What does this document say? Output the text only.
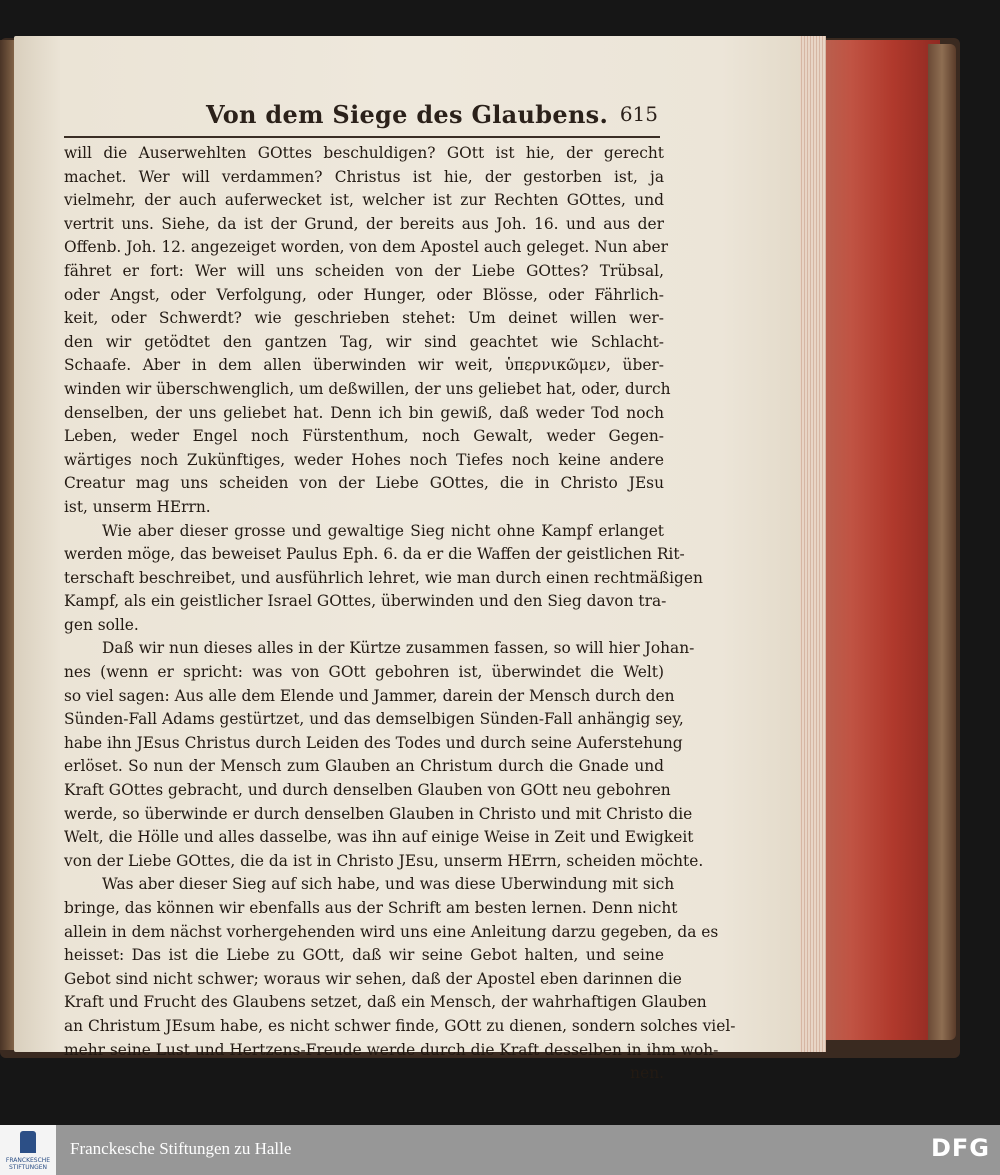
Von dem Siege des Glaubens. 615
will die Auserwehlten GOttes beschuldigen? GOtt ist hie, der gerecht
machet. Wer will verdammen? Christus ist hie, der gestorben ist, ja
vielmehr, der auch auferwecket ist, welcher ist zur Rechten GOttes, und
vertrit uns. Siehe, da ist der Grund, der bereits aus Joh. 16. und aus der
Offenb. Joh. 12. angezeiget worden, von dem Apostel auch geleget. Nun aber
fähret er fort: Wer will uns scheiden von der Liebe GOttes? Trübsal,
oder Angst, oder Verfolgung, oder Hunger, oder Blösse, oder Fährlich-
keit, oder Schwerdt? wie geschrieben stehet: Um deinet willen wer-
den wir getödtet den gantzen Tag, wir sind geachtet wie Schlacht-
Schaafe. Aber in dem allen überwinden wir weit, ὑπερνικῶμεν, über-
winden wir überschwenglich, um deßwillen, der uns geliebet hat, oder, durch
denselben, der uns geliebet hat. Denn ich bin gewiß, daß weder Tod noch
Leben, weder Engel noch Fürstenthum, noch Gewalt, weder Gegen-
wärtiges noch Zukünftiges, weder Hohes noch Tiefes noch keine andere
Creatur mag uns scheiden von der Liebe GOttes, die in Christo JEsu
ist, unserm HErrn.
Wie aber dieser grosse und gewaltige Sieg nicht ohne Kampf erlanget
werden möge, das beweiset Paulus Eph. 6. da er die Waffen der geistlichen Rit-
terschaft beschreibet, und ausführlich lehret, wie man durch einen rechtmäßigen
Kampf, als ein geistlicher Israel GOttes, überwinden und den Sieg davon tra-
gen solle.
Daß wir nun dieses alles in der Kürtze zusammen fassen, so will hier Johan-
nes (wenn er spricht: was von GOtt gebohren ist, überwindet die Welt)
so viel sagen: Aus alle dem Elende und Jammer, darein der Mensch durch den
Sünden-Fall Adams gestürtzet, und das demselbigen Sünden-Fall anhängig sey,
habe ihn JEsus Christus durch Leiden des Todes und durch seine Auferstehung
erlöset. So nun der Mensch zum Glauben an Christum durch die Gnade und
Kraft GOttes gebracht, und durch denselben Glauben von GOtt neu gebohren
werde, so überwinde er durch denselben Glauben in Christo und mit Christo die
Welt, die Hölle und alles dasselbe, was ihn auf einige Weise in Zeit und Ewigkeit
von der Liebe GOttes, die da ist in Christo JEsu, unserm HErrn, scheiden möchte.
Was aber dieser Sieg auf sich habe, und was diese Uberwindung mit sich
bringe, das können wir ebenfalls aus der Schrift am besten lernen. Denn nicht
allein in dem nächst vorhergehenden wird uns eine Anleitung darzu gegeben, da es
heisset: Das ist die Liebe zu GOtt, daß wir seine Gebot halten, und seine
Gebot sind nicht schwer; woraus wir sehen, daß der Apostel eben darinnen die
Kraft und Frucht des Glaubens setzet, daß ein Mensch, der wahrhaftigen Glauben
an Christum JEsum habe, es nicht schwer finde, GOtt zu dienen, sondern solches viel-
mehr seine Lust und Hertzens-Freude werde durch die Kraft desselben in ihm woh-
nen.
FRANCKESCHE STIFTUNGEN
Franckesche Stiftungen zu Halle	DFG
